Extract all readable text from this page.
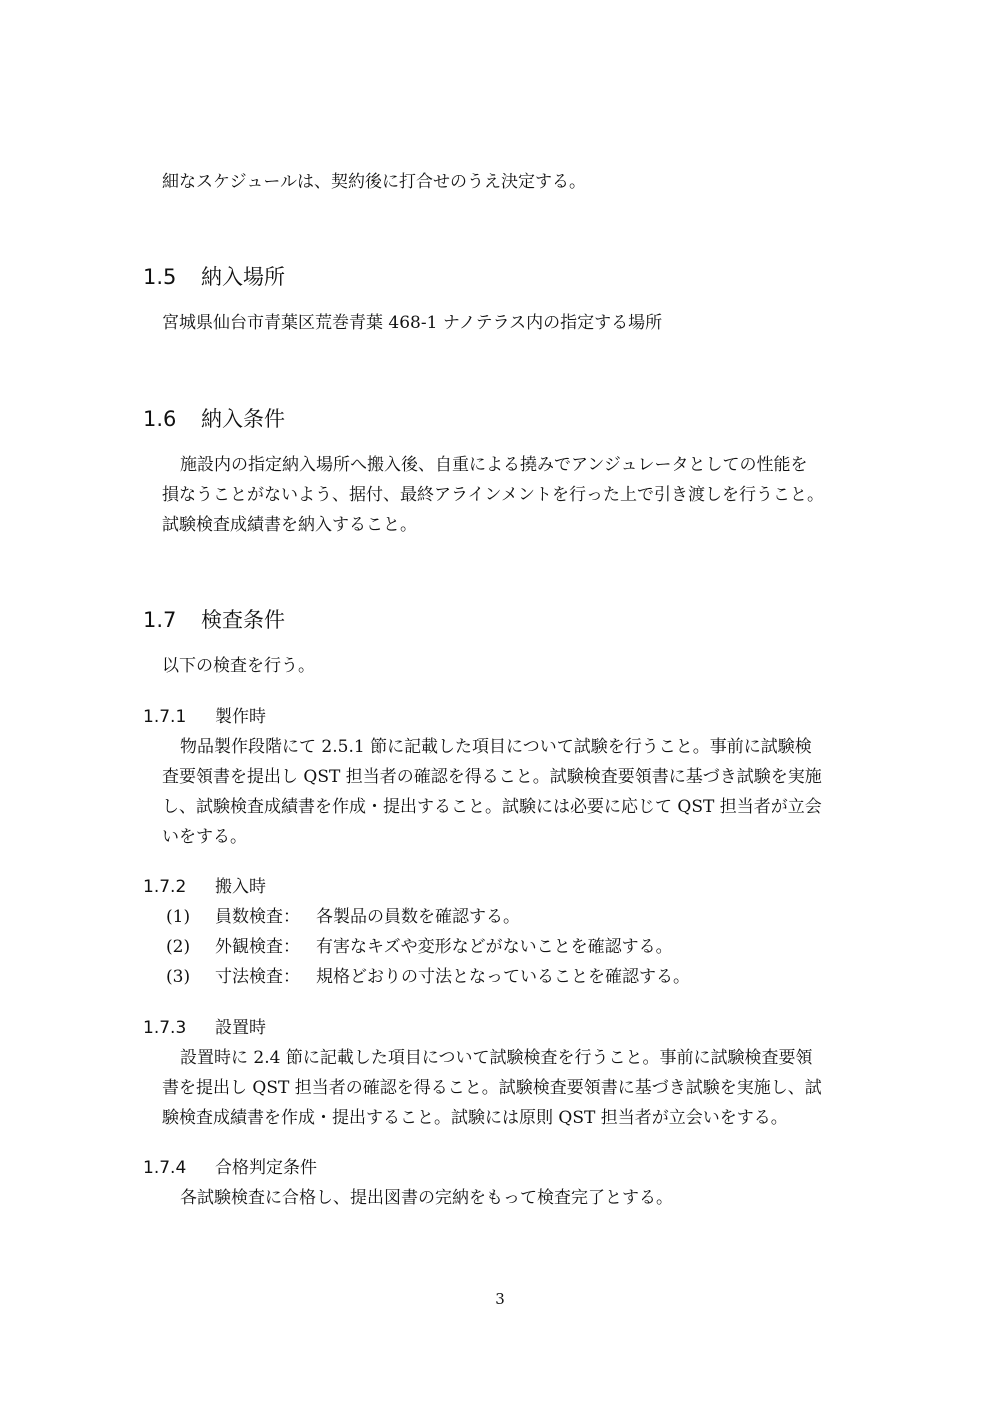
細なスケジュールは、契約後に打合せのうえ決定する。
1.5 納入場所
宮城県仙台市青葉区荒巻青葉 468-1 ナノテラス内の指定する場所
1.6 納入条件
施設内の指定納入場所へ搬入後、自重による撓みでアンジュレータとしての性能を
損なうことがないよう、据付、最終アラインメントを行った上で引き渡しを行うこと。
試験検査成績書を納入すること。
1.7 検査条件
以下の検査を行う。
1.7.1 製作時
物品製作段階にて 2.5.1 節に記載した項目について試験を行うこと。事前に試験検
査要領書を提出し QST 担当者の確認を得ること。試験検査要領書に基づき試験を実施
し、試験検査成績書を作成・提出すること。試験には必要に応じて QST 担当者が立会
いをする。
1.7.2 搬入時
(1) 員数検査： 各製品の員数を確認する。
(2) 外観検査： 有害なキズや変形などがないことを確認する。
(3) 寸法検査： 規格どおりの寸法となっていることを確認する。
1.7.3 設置時
設置時に 2.4 節に記載した項目について試験検査を行うこと。事前に試験検査要領
書を提出し QST 担当者の確認を得ること。試験検査要領書に基づき試験を実施し、試
験検査成績書を作成・提出すること。試験には原則 QST 担当者が立会いをする。
1.7.4 合格判定条件
各試験検査に合格し、提出図書の完納をもって検査完了とする。
3
